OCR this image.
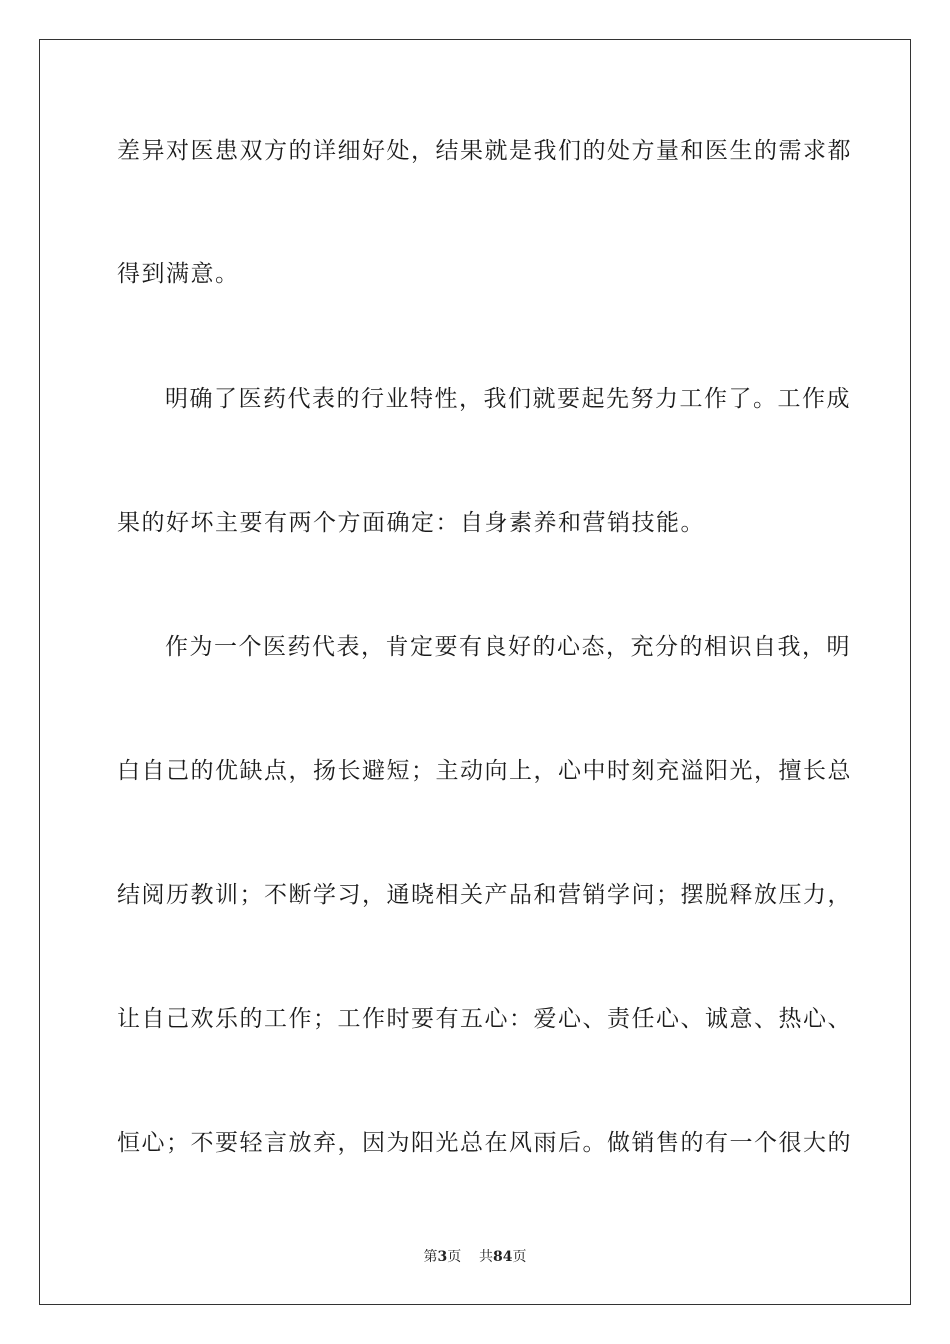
差异对医患双方的详细好处，结果就是我们的处方量和医生的需求都
得到满意。
明确了医药代表的行业特性，我们就要起先努力工作了。工作成
果的好坏主要有两个方面确定：自身素养和营销技能。
作为一个医药代表，肯定要有良好的心态，充分的相识自我，明
白自己的优缺点，扬长避短；主动向上，心中时刻充溢阳光，擅长总
结阅历教训；不断学习，通晓相关产品和营销学问；摆脱释放压力，
让自己欢乐的工作；工作时要有五心：爱心、责任心、诚意、热心、
恒心；不要轻言放弃，因为阳光总在风雨后。做销售的有一个很大的
第3页 共84页
